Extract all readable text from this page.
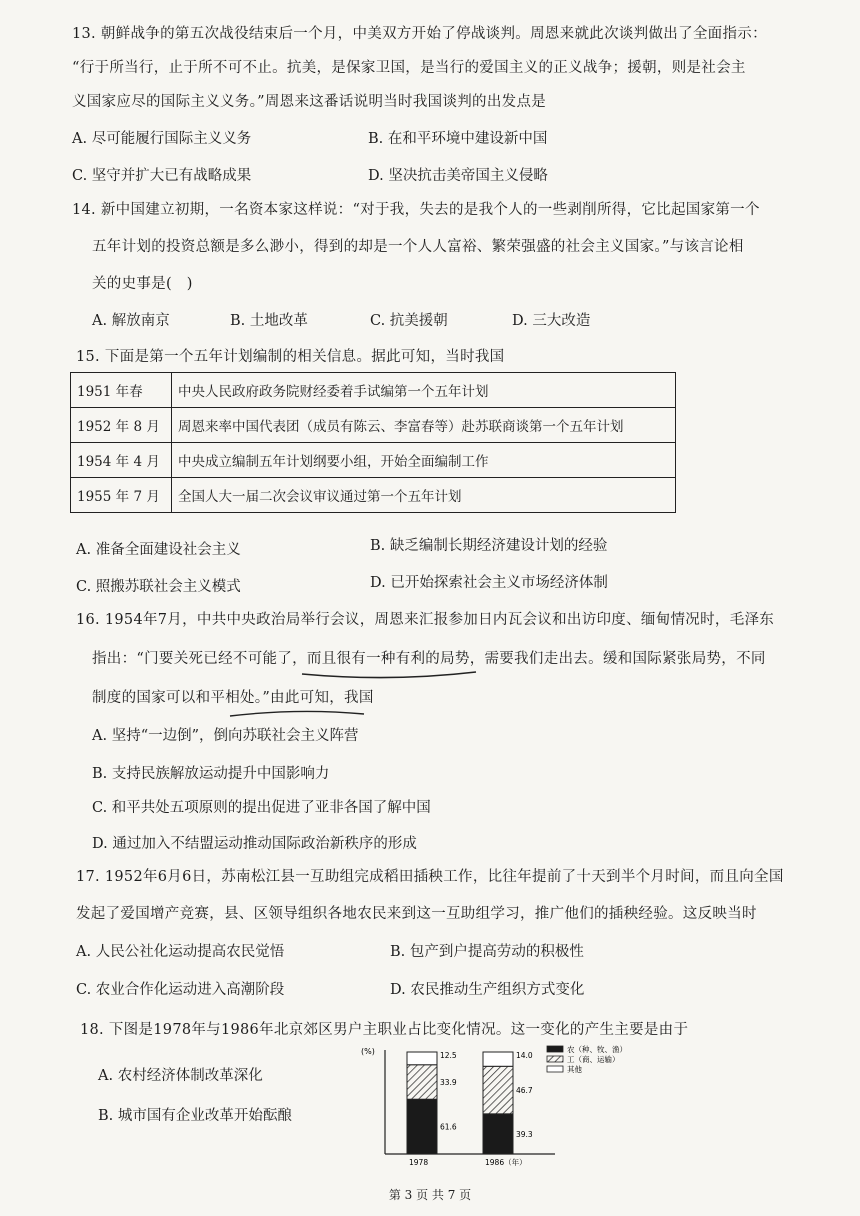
13. 朝鲜战争的第五次战役结束后一个月，中美双方开始了停战谈判。周恩来就此次谈判做出了全面指示：
“行于所当行，止于所不可不止。抗美，是保家卫国，是当行的爱国主义的正义战争；援朝，则是社会主
义国家应尽的国际主义义务。”周恩来这番话说明当时我国谈判的出发点是
A. 尽可能履行国际主义义务	B. 在和平环境中建设新中国
C. 坚守并扩大已有战略成果	D. 坚决抗击美帝国主义侵略
14. 新中国建立初期，一名资本家这样说：“对于我，失去的是我个人的一些剥削所得，它比起国家第一个
五年计划的投资总额是多么渺小，得到的却是一个人人富裕、繁荣强盛的社会主义国家。”与该言论相
关的史事是(　)
A. 解放南京	B. 土地改革	C. 抗美援朝	D. 三大改造
15. 下面是第一个五年计划编制的相关信息。据此可知，当时我国
1951 年春	中央人民政府政务院财经委着手试编第一个五年计划
1952 年 8 月	周恩来率中国代表团（成员有陈云、李富春等）赴苏联商谈第一个五年计划
1954 年 4 月	中央成立编制五年计划纲要小组，开始全面编制工作
1955 年 7 月	全国人大一届二次会议审议通过第一个五年计划
A. 准备全面建设社会主义	B. 缺乏编制长期经济建设计划的经验
C. 照搬苏联社会主义模式	D. 已开始探索社会主义市场经济体制
16. 1954年7月，中共中央政治局举行会议，周恩来汇报参加日内瓦会议和出访印度、缅甸情况时，毛泽东
指出：“门要关死已经不可能了，而且很有一种有利的局势，需要我们走出去。缓和国际紧张局势，不同
制度的国家可以和平相处。”由此可知，我国
A. 坚持“一边倒”，倒向苏联社会主义阵营
B. 支持民族解放运动提升中国影响力
C. 和平共处五项原则的提出促进了亚非各国了解中国
D. 通过加入不结盟运动推动国际政治新秩序的形成
17. 1952年6月6日，苏南松江县一互助组完成稻田插秧工作，比往年提前了十天到半个月时间，而且向全国
发起了爱国增产竞赛，县、区领导组织各地农民来到这一互助组学习，推广他们的插秧经验。这反映当时
A. 人民公社化运动提高农民觉悟	B. 包产到户提高劳动的积极性
C. 农业合作化运动进入高潮阶段	D. 农民推动生产组织方式变化
18. 下图是1978年与1986年北京郊区男户主职业占比变化情况。这一变化的产生主要是由于
A. 农村经济体制改革深化
B. 城市国有企业改革开始酝酿
(%)
61.6
33.9
12.5
1978
39.3
46.7
14.0
1986（年）
农（种、牧、渔）
工（商、运输）
其他
第 3 页 共 7 页
